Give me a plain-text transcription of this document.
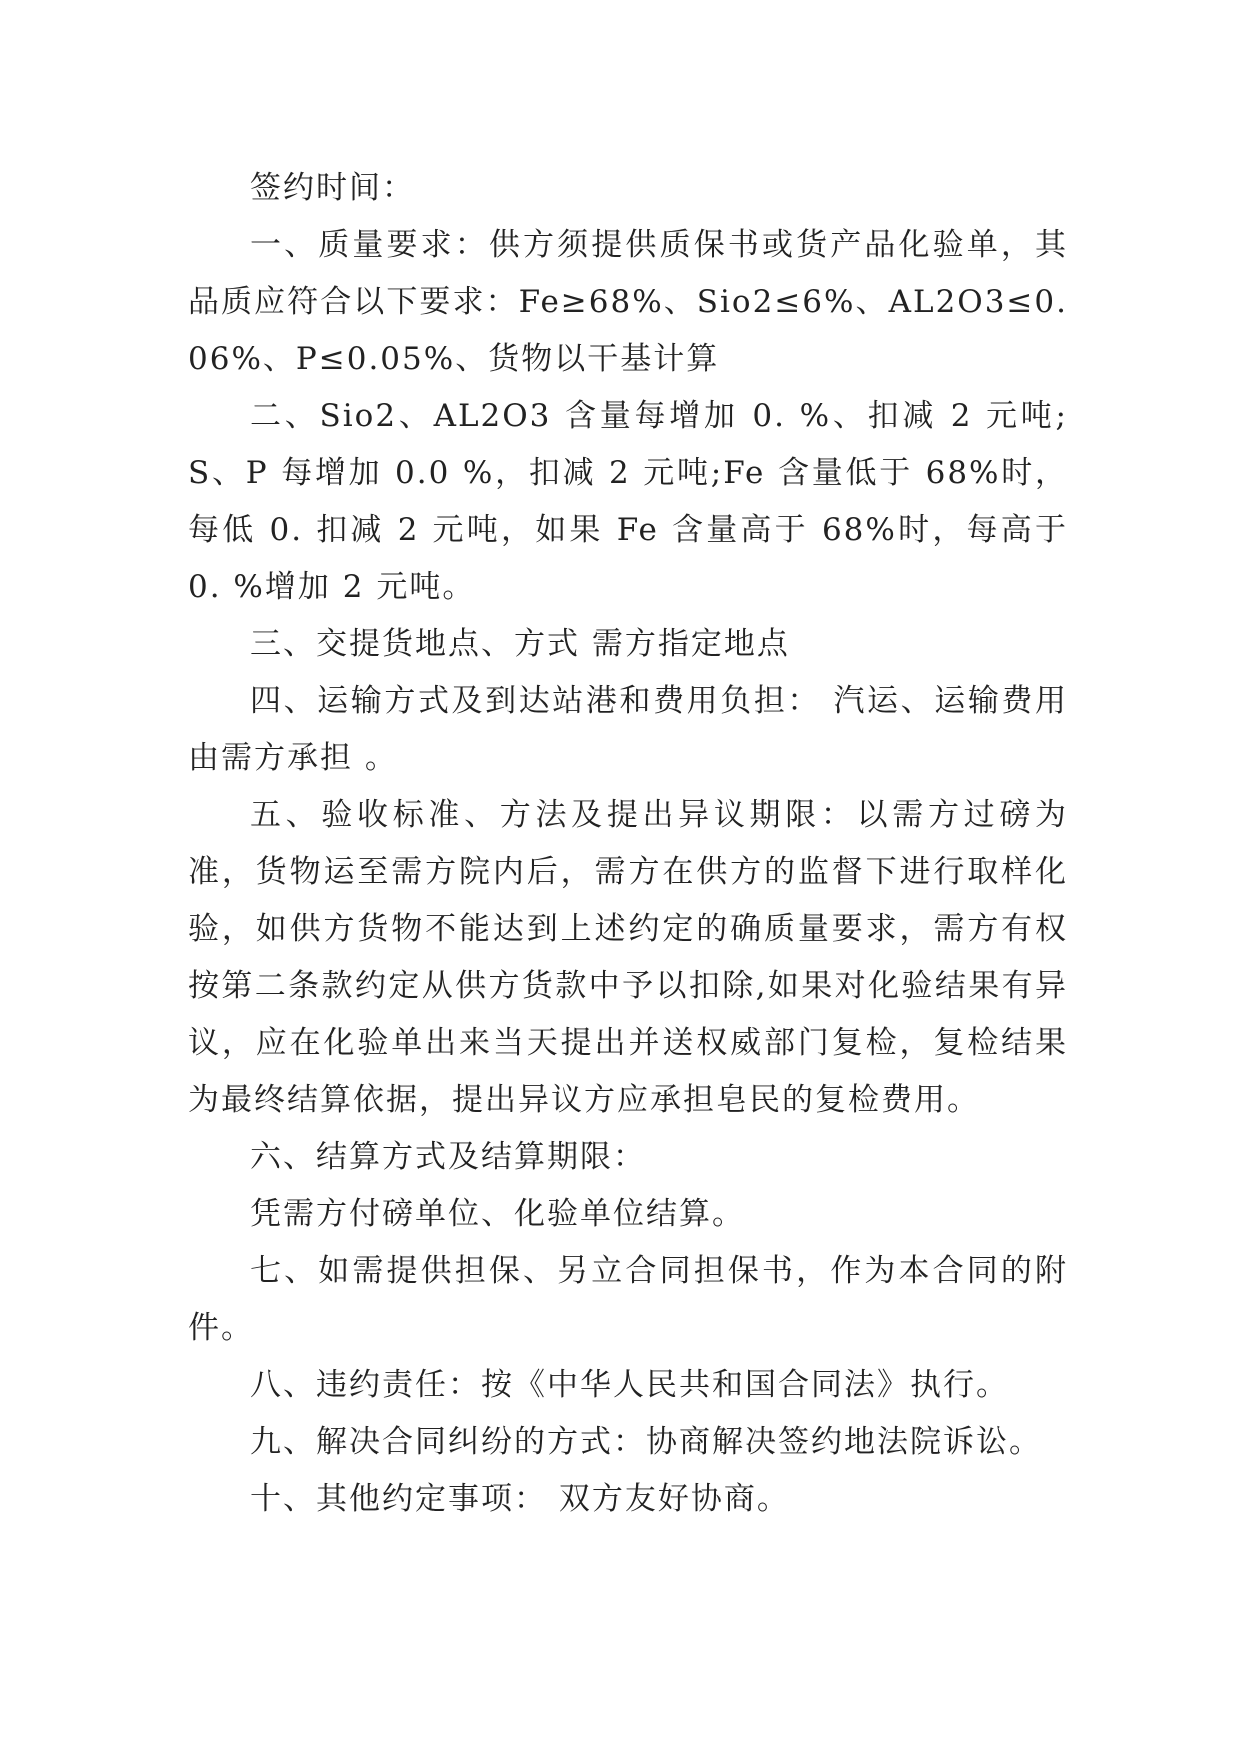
签约时间：

一、质量要求：供方须提供质保书或货产品化验单，其品质应符合以下要求：Fe≥68%、Sio2≤6%、AL2O3≤0.06%、P≤0.05%、货物以干基计算

二、Sio2、AL2O3 含量每增加 0. %、扣减 2 元吨;S、P 每增加 0.0 %，扣减 2 元吨;Fe 含量低于 68%时，每低 0. 扣减 2 元吨，如果 Fe 含量高于 68%时，每高于 0. %增加 2 元吨。

三、交提货地点、方式 需方指定地点

四、运输方式及到达站港和费用负担： 汽运、运输费用由需方承担 。

五、验收标准、方法及提出异议期限：以需方过磅为准，货物运至需方院内后，需方在供方的监督下进行取样化验，如供方货物不能达到上述约定的确质量要求，需方有权按第二条款约定从供方货款中予以扣除,如果对化验结果有异议，应在化验单出来当天提出并送权威部门复检，复检结果为最终结算依据，提出异议方应承担皂民的复检费用。

六、结算方式及结算期限：

凭需方付磅单位、化验单位结算。

七、如需提供担保、另立合同担保书，作为本合同的附件。

八、违约责任：按《中华人民共和国合同法》执行。

九、解决合同纠纷的方式：协商解决签约地法院诉讼。

十、其他约定事项： 双方友好协商。
